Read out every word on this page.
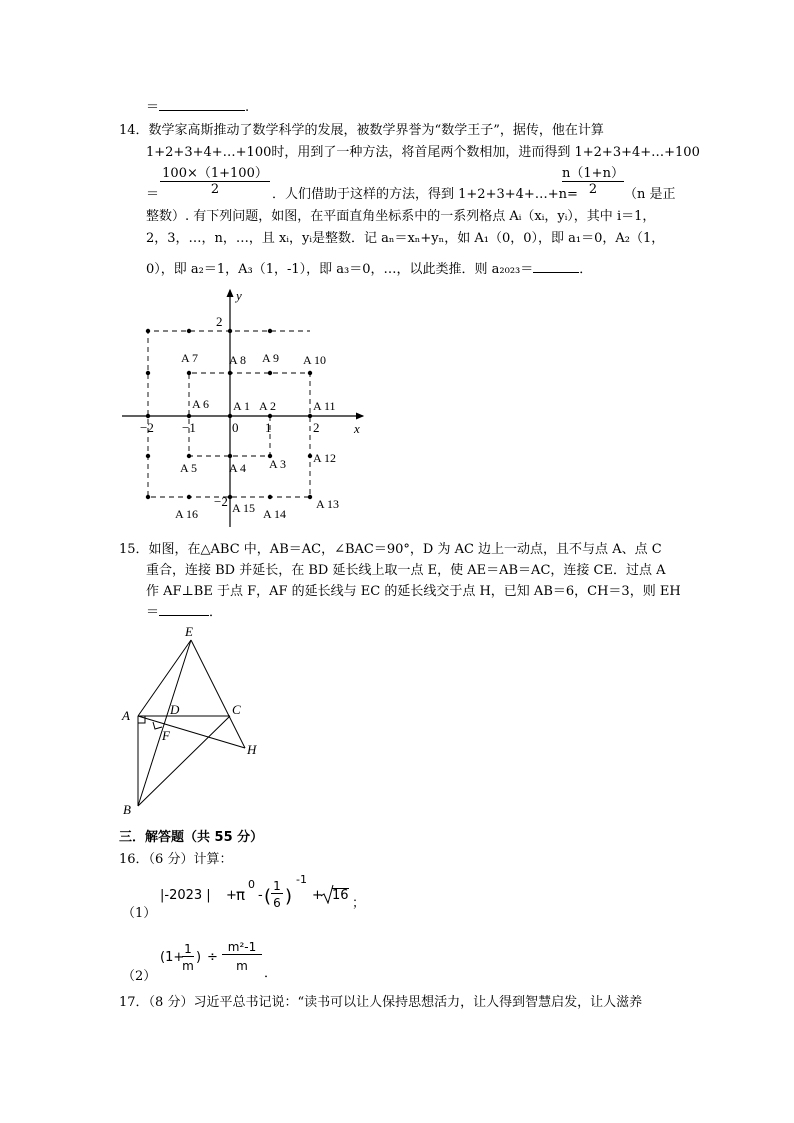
＝	.
14．数学家高斯推动了数学科学的发展，被数学界誉为“数学王子”，据传，他在计算
1+2+3+4+…+100时，用到了一种方法，将首尾两个数相加，进而得到 1+2+3+4+…+100
$\frac{100\times(1+100)}{2}$
＝	．人们借助于这样的方法，得到 1+2+3+4+…+n=
$\frac{n(1+n)}{2} (n$ 是正
整数）. 有下列问题，如图，在平面直角坐标系中的一系列格点 Aᵢ（xᵢ，yᵢ），其中 i＝1，
2，3，…，n，…，且 xᵢ，yᵢ是整数．记 aₙ＝xₙ+yₙ，如 A₁（0，0），即 a₁＝0，A₂（1，
0），即 a₂＝1，A₃（1，-1），即 a₃＝0，…，以此类推．则 a₂₀₂₃＝	．
y
x
−2 −1	0 1	2
2
−2
A 1 A 2
A 3
A 4
A 5
A 6
A 7	A 8 A 9 A 10
A 11
A 12
A 13
A 14
A 15
A 16
15．如图，在△ABC 中，AB＝AC，∠BAC＝90°，D 为 AC 边上一动点，且不与点 A、点 C
重合，连接 BD 并延长，在 BD 延长线上取一点 E，使 AE＝AB＝AC，连接 CE．过点 A
作 AF⊥BE 于点 F，AF 的延长线与 EC 的延长线交于点 H，已知 AB＝6，CH＝3，则 EH
＝	．
E
A	D	C
F
H
B
三．解答题（共 55 分）
16．（6 分）计算：
（1）
|-2023 | + π
0
- ( 1
6 )
-1
+ 16
；
（2）
(1+
1
m
) ÷
m²-1
m	．
17．（8 分）习近平总书记说：“读书可以让人保持思想活力，让人得到智慧启发，让人滋养
